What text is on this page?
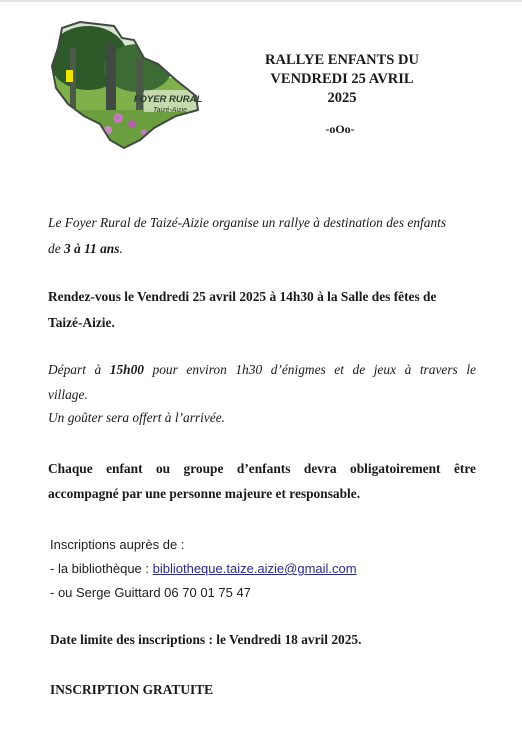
FOYER RURAL
Taizé-Aizie
RALLYE ENFANTS DU
VENDREDI 25 AVRIL
2025
-oOo-
Le Foyer Rural de Taizé-Aizie organise un rallye à destination des enfants
de 3 à 11 ans.
Rendez-vous le Vendredi 25 avril 2025 à 14h30 à la Salle des fêtes de
Taizé-Aizie.
Départ à 15h00 pour environ 1h30 d’énigmes et de jeux à travers le
village.
Un goûter sera offert à l’arrivée.
Chaque enfant ou groupe d’enfants devra obligatoirement être
accompagné par une personne majeure et responsable.
Inscriptions auprès de :
- la bibliothèque : bibliotheque.taize.aizie@gmail.com
- ou Serge Guittard 06 70 01 75 47
Date limite des inscriptions : le Vendredi 18 avril 2025.
INSCRIPTION GRATUITE
